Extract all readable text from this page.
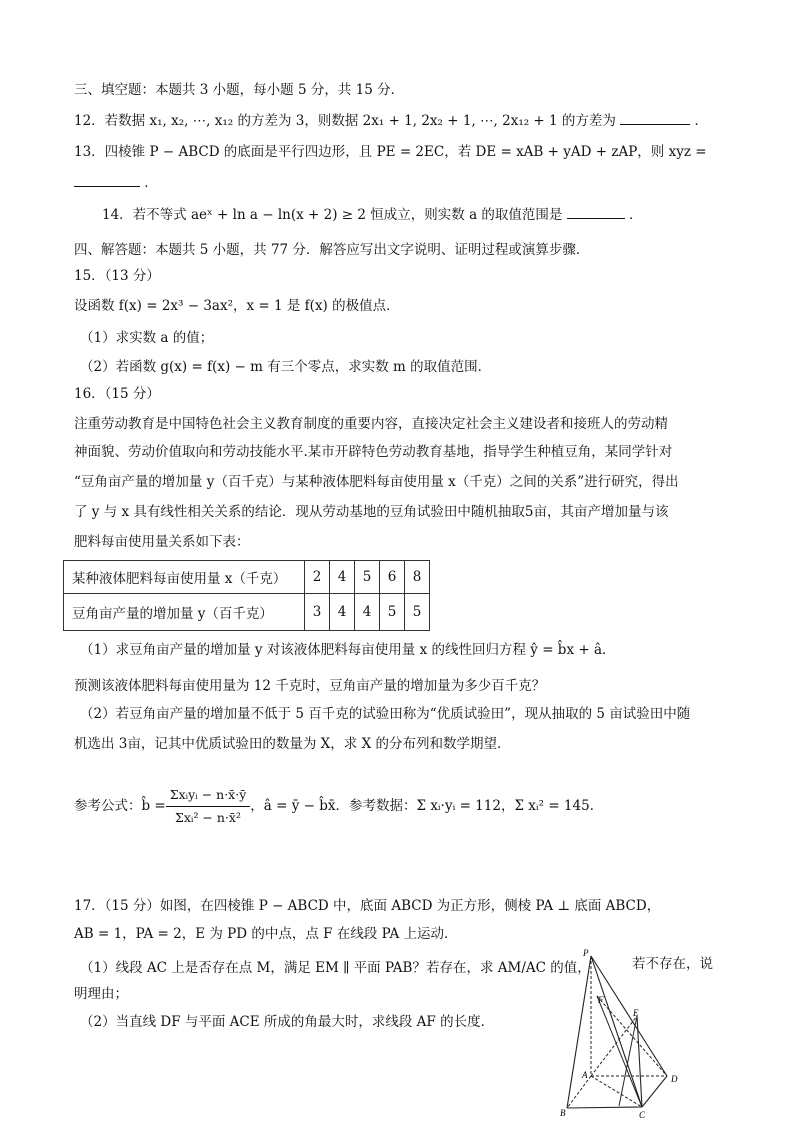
三、填空题：本题共 3 小题，每小题 5 分，共 15 分．
12．若数据 x₁, x₂, ⋯, x₁₂ 的方差为 3，则数据 2x₁ + 1, 2x₂ + 1, ⋯, 2x₁₂ + 1 的方差为	．
13．四棱锥 P − ABCD 的底面是平行四边形，且 PE = 2EC，若 DE = xAB + yAD + zAP，则 xyz =
．
14．若不等式 aeˣ + ln a − ln(x + 2) ≥ 2 恒成立，则实数 a 的取值范围是	．
四、解答题：本题共 5 小题，共 77 分．解答应写出文字说明、证明过程或演算步骤．
15．（13 分）
设函数 f(x) = 2x³ − 3ax²，x = 1 是 f(x) 的极值点．
（1）求实数 a 的值；
（2）若函数 g(x) = f(x) − m 有三个零点，求实数 m 的取值范围．
16．（15 分）
注重劳动教育是中国特色社会主义教育制度的重要内容，直接决定社会主义建设者和接班人的劳动精
神面貌、劳动价值取向和劳动技能水平.某市开辟特色劳动教育基地，指导学生种植豆角，某同学针对
“豆角亩产量的增加量 y（百千克）与某种液体肥料每亩使用量 x（千克）之间的关系”进行研究，得出
了 y 与 x 具有线性相关关系的结论．现从劳动基地的豆角试验田中随机抽取5亩，其亩产增加量与该
肥料每亩使用量关系如下表：
某种液体肥料每亩使用量 x（千克）	2	4	5	6	8
豆角亩产量的增加量 y（百千克）	3	4	4	5	5
（1）求豆角亩产量的增加量 y 对该液体肥料每亩使用量 x 的线性回归方程 ŷ = b̂x + â．
预测该液体肥料每亩使用量为 12 千克时，豆角亩产量的增加量为多少百千克？
（2）若豆角亩产量的增加量不低于 5 百千克的试验田称为“优质试验田”，现从抽取的 5 亩试验田中随
机选出 3亩，记其中优质试验田的数量为 X，求 X 的分布列和数学期望．
参考公式： b̂ = $\frac{\text{Σxᵢyᵢ − n·x̄·ȳ}}{\text{Σxᵢ² − n·x̄²}}$ ，â = ȳ − b̂x̄．参考数据： Σ xᵢ·yᵢ = 112， Σ xᵢ² = 145．
17．（15 分）如图，在四棱锥 P − ABCD 中，底面 ABCD 为正方形，侧棱 PA ⊥ 底面 ABCD，
AB = 1，PA = 2，E 为 PD 的中点，点 F 在线段 PA 上运动．
（1）线段 AC 上是否存在点 M，满足 EM ∥ 平面 PAB？若存在，求 AM/AC 的值，	若不存在，说
明理由；
（2）当直线 DF 与平面 ACE 所成的角最大时，求线段 AF 的长度．
P
F
E
A
B	C
D
